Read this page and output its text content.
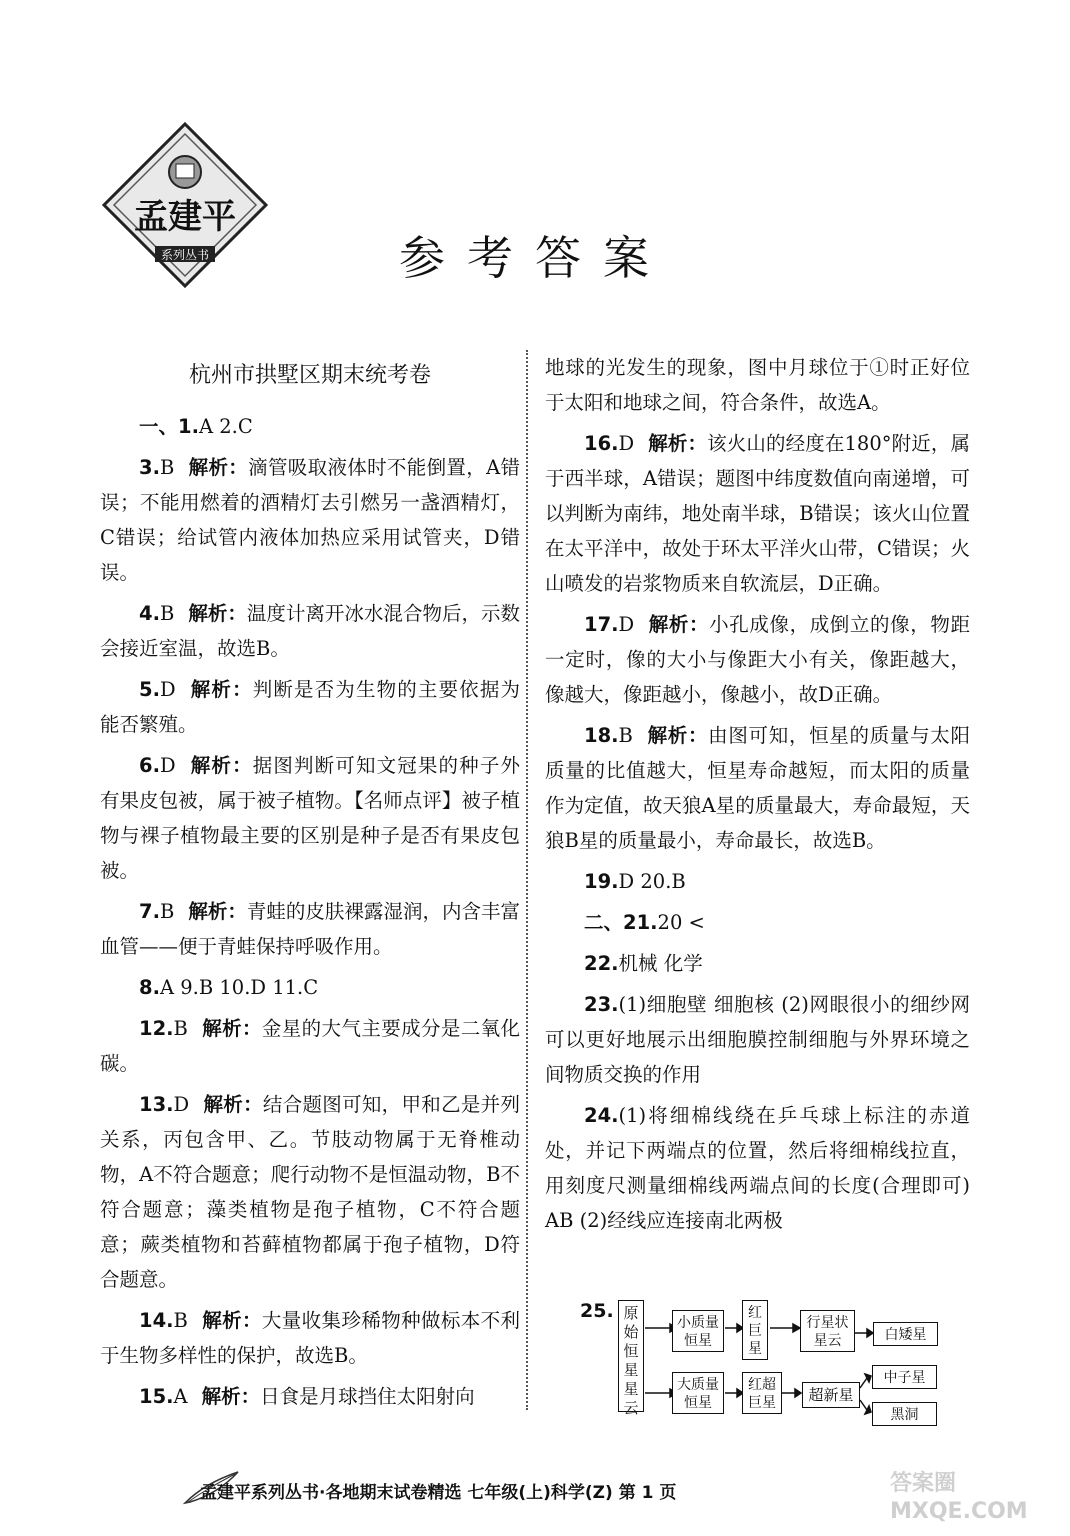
孟建平
系列丛书	参考答案
杭州市拱墅区期末统考卷

一、1.A 2.C

3.B 解析：滴管吸取液体时不能倒置，A错误；不能用燃着的酒精灯去引燃另一盏酒精灯，C错误；给试管内液体加热应采用试管夹，D错误。

4.B 解析：温度计离开冰水混合物后，示数会接近室温，故选B。

5.D 解析：判断是否为生物的主要依据为能否繁殖。

6.D 解析：据图判断可知文冠果的种子外有果皮包被，属于被子植物。【名师点评】被子植物与裸子植物最主要的区别是种子是否有果皮包被。

7.B 解析：青蛙的皮肤裸露湿润，内含丰富血管——便于青蛙保持呼吸作用。

8.A 9.B 10.D 11.C

12.B 解析：金星的大气主要成分是二氧化碳。

13.D 解析：结合题图可知，甲和乙是并列关系，丙包含甲、乙。节肢动物属于无脊椎动物，A不符合题意；爬行动物不是恒温动物，B不符合题意；藻类植物是孢子植物，C不符合题意；蕨类植物和苔藓植物都属于孢子植物，D符合题意。

14.B 解析：大量收集珍稀物种做标本不利于生物多样性的保护，故选B。

15.A 解析：日食是月球挡住太阳射向

地球的光发生的现象，图中月球位于①时正好位于太阳和地球之间，符合条件，故选A。

16.D 解析：该火山的经度在180°附近，属于西半球，A错误；题图中纬度数值向南递增，可以判断为南纬，地处南半球，B错误；该火山位置在太平洋中，故处于环太平洋火山带，C错误；火山喷发的岩浆物质来自软流层，D正确。

17.D 解析：小孔成像，成倒立的像，物距一定时，像的大小与像距大小有关，像距越大，像越大，像距越小，像越小，故D正确。

18.B 解析：由图可知，恒星的质量与太阳质量的比值越大，恒星寿命越短，而太阳的质量作为定值，故天狼A星的质量最大，寿命最短，天狼B星的质量最小，寿命最长，故选B。

19.D 20.B

二、21.20 <

22.机械 化学

23.(1)细胞壁 细胞核 (2)网眼很小的细纱网 可以更好地展示出细胞膜控制细胞与外界环境之间物质交换的作用

24.(1)将细棉线绕在乒乓球上标注的赤道处，并记下两端点的位置，然后将细棉线拉直，用刻度尺测量细棉线两端点间的长度(合理即可) AB (2)经线应连接南北两极

25. 原始恒星星云
小质量恒星
红巨星
行星状星云	白矮星
大质量恒星
红超巨星	超新星
中子星
黑洞
孟建平系列丛书·各地期末试卷精选 七年级(上)科学(Z) 第 1 页	答案圈 MXQE.COM
